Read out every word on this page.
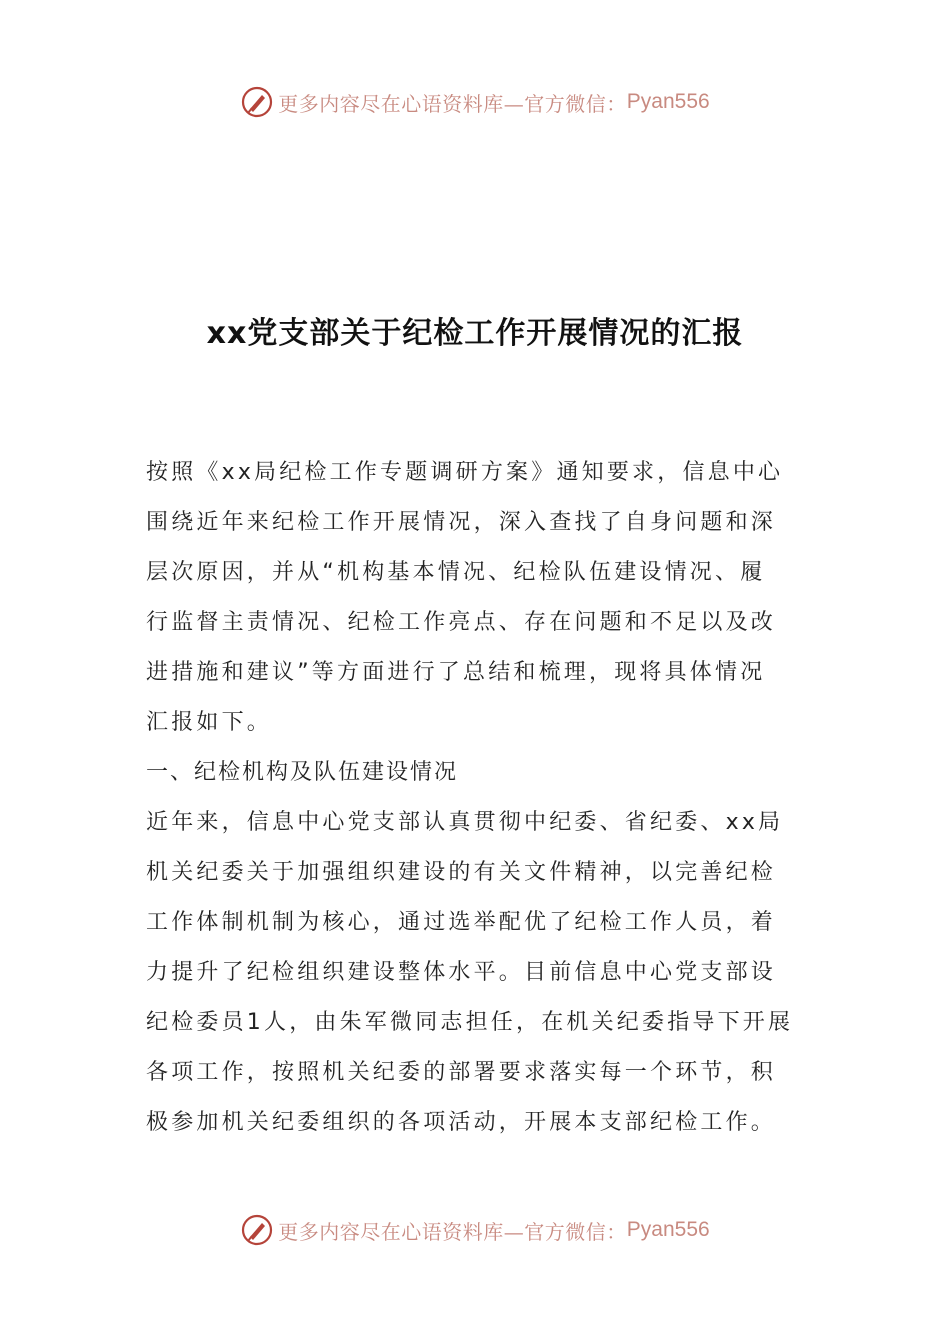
更多内容尽在心语资料库—官方微信： Pyan556
xx党支部关于纪检工作开展情况的汇报
按照《xx局纪检工作专题调研方案》通知要求，信息中心
围绕近年来纪检工作开展情况，深入查找了自身问题和深
层次原因，并从“机构基本情况、纪检队伍建设情况、履
行监督主责情况、纪检工作亮点、存在问题和不足以及改
进措施和建议”等方面进行了总结和梳理，现将具体情况
汇报如下。
一、纪检机构及队伍建设情况
近年来，信息中心党支部认真贯彻中纪委、省纪委、xx局
机关纪委关于加强组织建设的有关文件精神，以完善纪检
工作体制机制为核心，通过选举配优了纪检工作人员，着
力提升了纪检组织建设整体水平。目前信息中心党支部设
纪检委员1人，由朱军微同志担任，在机关纪委指导下开展
各项工作，按照机关纪委的部署要求落实每一个环节，积
极参加机关纪委组织的各项活动，开展本支部纪检工作。
更多内容尽在心语资料库—官方微信： Pyan556
